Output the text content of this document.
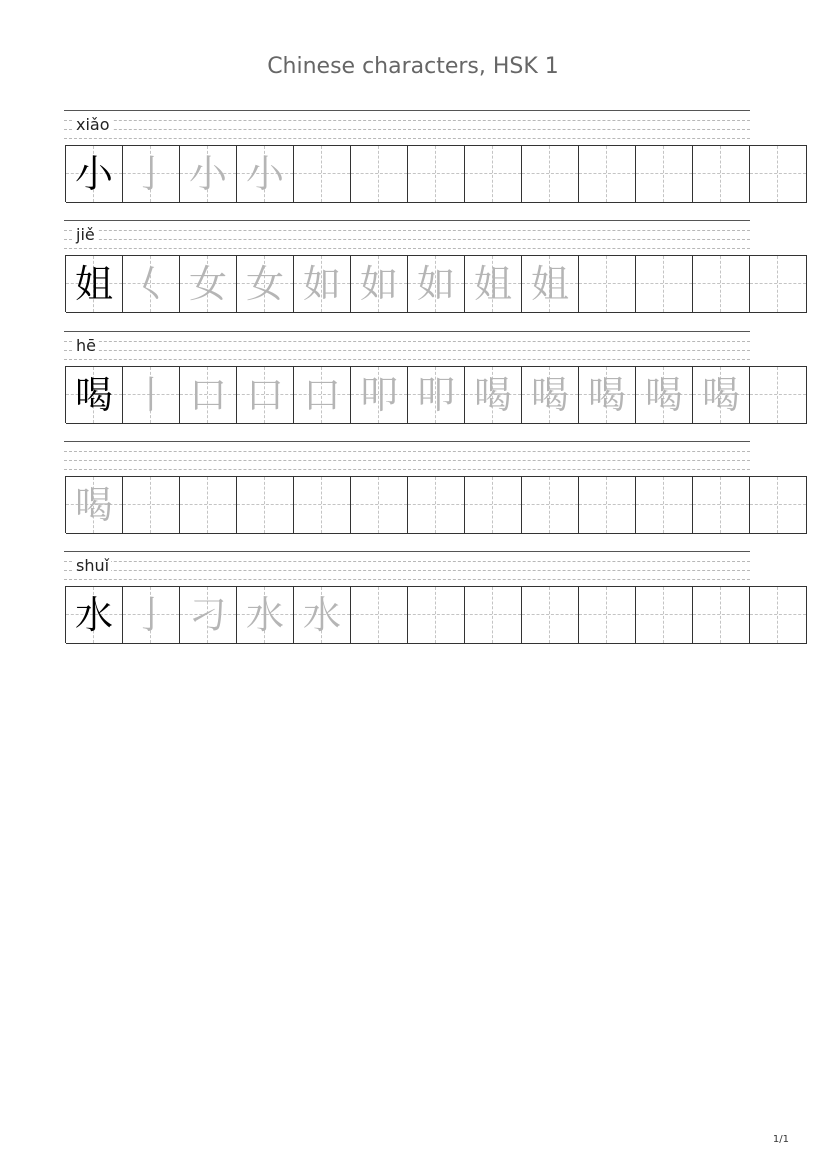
Chinese characters, HSK 1
xiǎo
小 亅 小 小
jiě
姐 𡿨 女 女 如 如 如 姐 姐
hē
喝 丨 口 口 口 叩 叩 喝 喝 喝 喝 喝
喝
shuǐ
水 亅 刁 水 水
1/1
